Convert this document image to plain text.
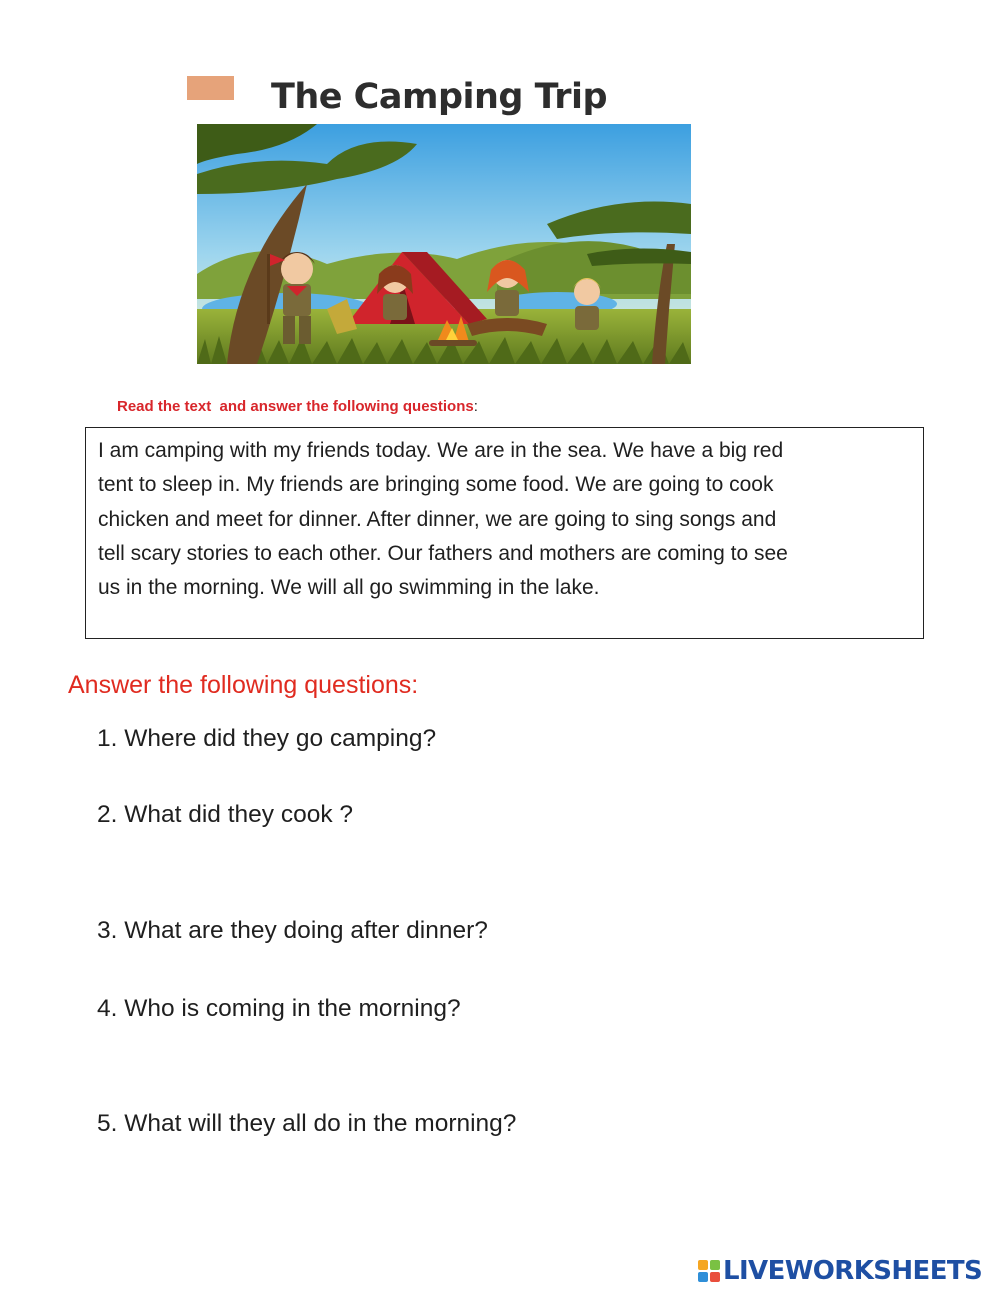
The Camping Trip
Read the text  and answer the following questions:
I am camping with my friends today. We are in the sea. We have a big red
tent to sleep in. My friends are bringing some food. We are going to cook
chicken and meet for dinner. After dinner, we are going to sing songs and
tell scary stories to each other. Our fathers and mothers are coming to see
us in the morning. We will all go swimming in the lake.
Answer the following questions:
1. Where did they go camping?
2. What did they cook ?
3. What are they doing after dinner?
4. Who is coming in the morning?
5. What will they all do in the morning?
LIVEWORKSHEETS
